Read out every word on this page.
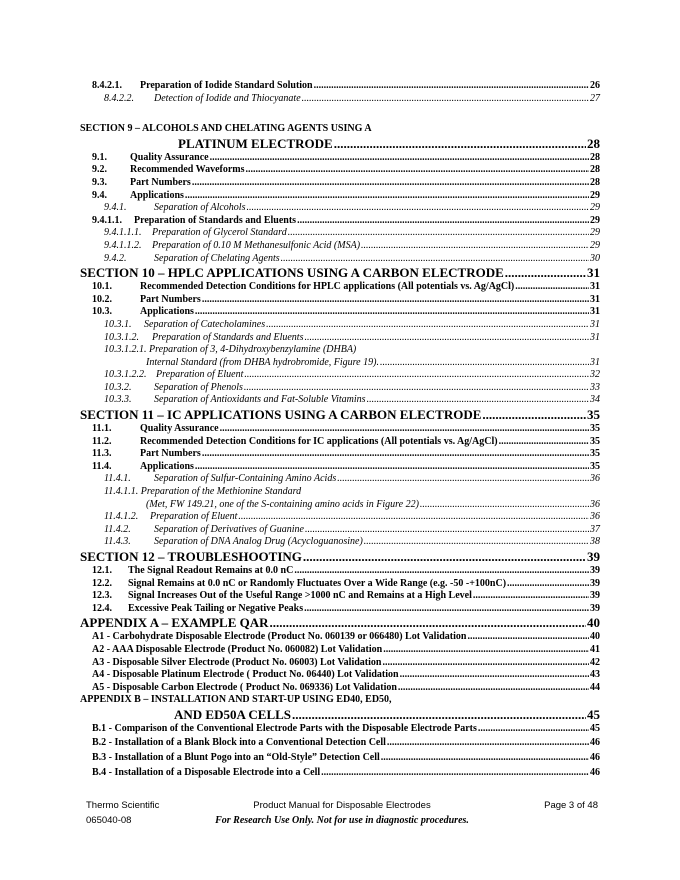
8.4.2.1. Preparation of Iodide Standard Solution .....	26
8.4.2.2. Detection of Iodide and Thiocyanate .....	27
SECTION 9 – ALCOHOLS AND CHELATING AGENTS USING A
PLATINUM ELECTRODE .....	28
9.1. Quality Assurance .....	28
9.2. Recommended Waveforms .....	28
9.3. Part Numbers .....	28
9.4. Applications .....	29
9.4.1.	Separation of Alcohols .....	29
9.4.1.1. Preparation of Standards and Eluents .....	29
9.4.1.1.1. Preparation of Glycerol Standard .....	29
9.4.1.1.2. Preparation of 0.10 M Methanesulfonic Acid (MSA) .....	29
9.4.2.	Separation of Chelating Agents .....	30
SECTION 10 – HPLC APPLICATIONS USING A CARBON ELECTRODE .....	31
10.1.	Recommended Detection Conditions for HPLC applications (All potentials vs. Ag/AgCl) .....	31
10.2.	Part Numbers .....	31
10.3.	Applications .....	31
10.3.1. Separation of Catecholamines .....	31
10.3.1.2. Preparation of Standards and Eluents .....	31
10.3.1.2.1. Preparation of 3, 4-Dihydroxybenzylamine (DHBA)
Internal Standard (from DHBA hydrobromide, Figure 19). .....	31
10.3.1.2.2. Preparation of Eluent .....	32
10.3.2. Separation of Phenols .....	33
10.3.3. Separation of Antioxidants and Fat-Soluble Vitamins .....	34
SECTION 11 – IC APPLICATIONS USING A CARBON ELECTRODE .....	35
11.1.	Quality Assurance .....	35
11.2.	Recommended Detection Conditions for IC applications (All potentials vs. Ag/AgCl) .....	35
11.3.	Part Numbers .....	35
11.4.	Applications .....	35
11.4.1. Separation of Sulfur-Containing Amino Acids .....	36
11.4.1.1. Preparation of the Methionine Standard
(Met, FW 149.21, one of the S-containing amino acids in Figure 22) .....	36
11.4.1.2. Preparation of Eluent .....	36
11.4.2. Separation of Derivatives of Guanine .....	37
11.4.3. Separation of DNA Analog Drug (Acycloguanosine) .....	38
SECTION 12 – TROUBLESHOOTING .....	39
12.1. The Signal Readout Remains at 0.0 nC .....	39
12.2. Signal Remains at 0.0 nC or Randomly Fluctuates Over a Wide Range (e.g. -50 -+100nC) .....	39
12.3. Signal Increases Out of the Useful Range >1000 nC and Remains at a High Level .....	39
12.4. Excessive Peak Tailing or Negative Peaks .....	39
APPENDIX A – EXAMPLE QAR .....	40
A1 - Carbohydrate Disposable Electrode (Product No. 060139 or 066480) Lot Validation .....	40
A2 - AAA Disposable Electrode (Product No. 060082) Lot Validation .....	41
A3 - Disposable Silver Electrode (Product No. 06003) Lot Validation .....	42
A4 - Disposable Platinum Electrode ( Product No. 06440) Lot Validation .....	43
A5 - Disposable Carbon Electrode ( Product No. 069336) Lot Validation .....	44
APPENDIX B – INSTALLATION AND START-UP USING ED40, ED50,
AND ED50A CELLS .....	45
B.1 - Comparison of the Conventional Electrode Parts with the Disposable Electrode Parts .....	45
B.2 - Installation of a Blank Block into a Conventional Detection Cell .....	46
B.3 - Installation of a Blunt Pogo into an “Old-Style” Detection Cell .....	46
B.4 - Installation of a Disposable Electrode into a Cell .....	46
Thermo Scientific	Product Manual for Disposable Electrodes	Page 3 of 48
065040-08	For Research Use Only. Not for use in diagnostic procedures.
